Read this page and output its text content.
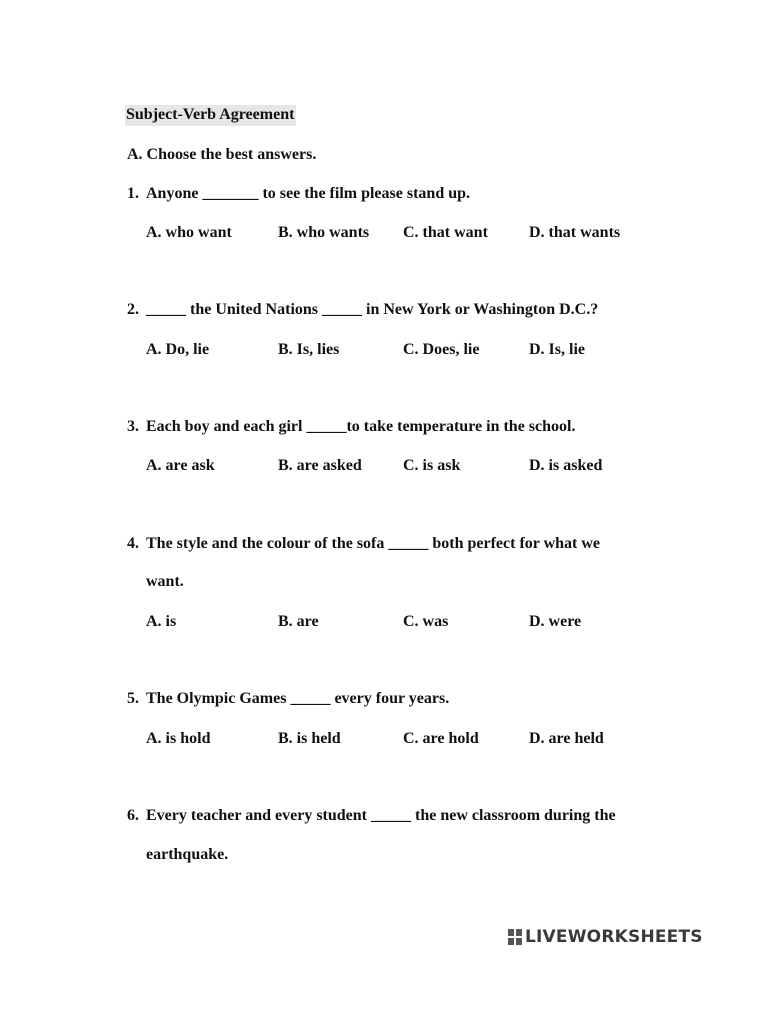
Subject-Verb Agreement
A. Choose the best answers.
1. Anyone _______ to see the film please stand up.
A. who want	B. who wants C. that want	D. that wants
2. _____ the United Nations _____ in New York or Washington D.C.?
A. Do, lie	B. Is, lies	C. Does, lie	D. Is, lie
3. Each boy and each girl _____to take temperature in the school.
A. are ask	B. are asked	C. is ask	D. is asked
4. The style and the colour of the sofa _____ both perfect for what we
want.
A. is	B. are	C. was	D. were
5. The Olympic Games _____ every four years.
A. is hold	B. is held	C. are hold	D. are held
6. Every teacher and every student _____ the new classroom during the
earthquake.
LIVEWORKSHEETS
